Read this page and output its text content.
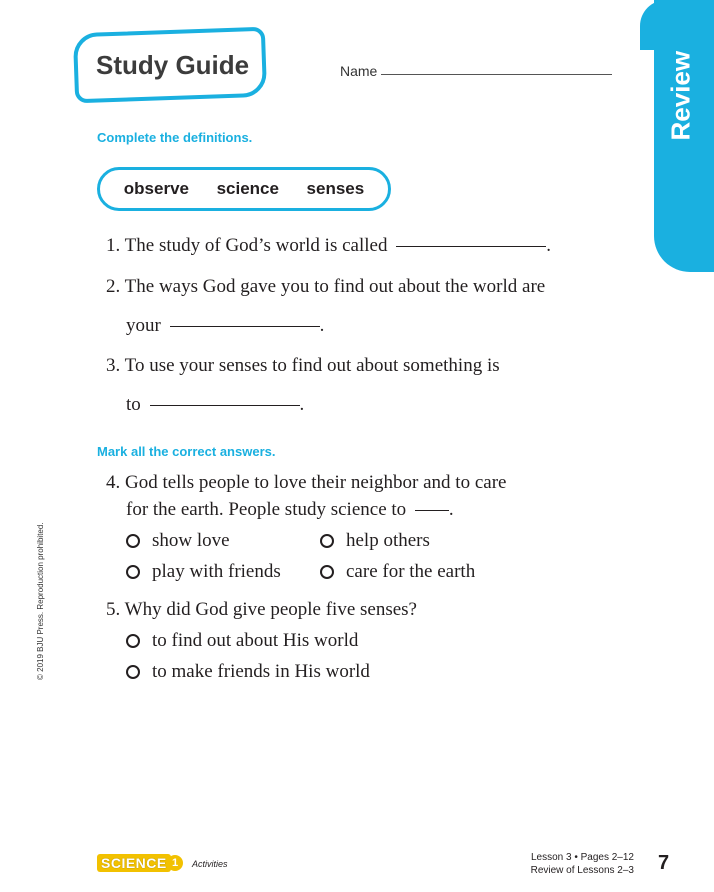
Review
Study Guide	Name
Complete the definitions.
observe science senses
1. The study of God’s world is called	.
2. The ways God gave you to find out about the world are
your	.
3. To use your senses to find out about something is
to	.
Mark all the correct answers.
4. God tells people to love their neighbor and to care
for the earth. People study science to .
show love	help others
play with friends	care for the earth
5. Why did God give people five senses?
to find out about His world
to make friends in His world
© 2019 BJU Press. Reproduction prohibited.
SCIENCE 1	Activities
Lesson 3 • Pages 2–12
Review of Lessons 2–3 7
